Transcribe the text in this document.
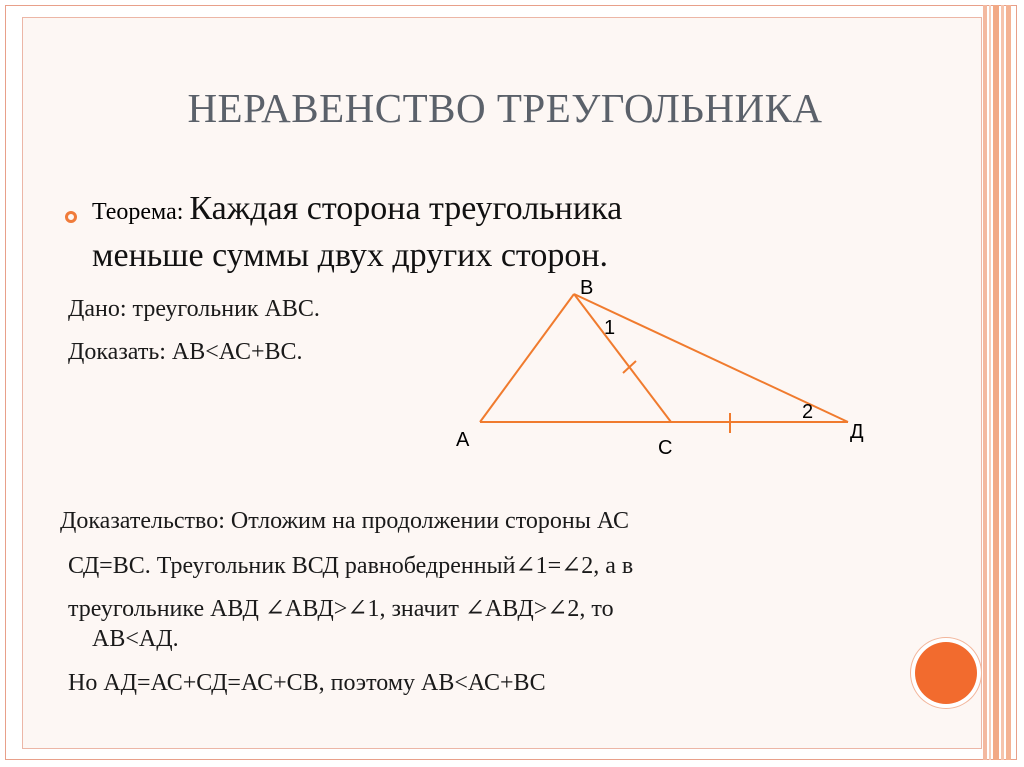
НЕРАВЕНСТВО ТРЕУГОЛЬНИКА
Теорема: Каждая сторона треугольника
меньше суммы двух других сторон.
Дано: треугольник АВС.
Доказать: АВ<АС+ВС.
В
1
2
А	С
Д
Доказательство: Отложим на продолжении стороны АС
СД=ВС. Треугольник ВСД равнобедренный∠1=∠2, а в
треугольнике АВД ∠АВД>∠1, значит ∠АВД>∠2, то
АВ<АД.
Но АД=АС+СД=АС+СВ, поэтому АВ<АС+ВС
